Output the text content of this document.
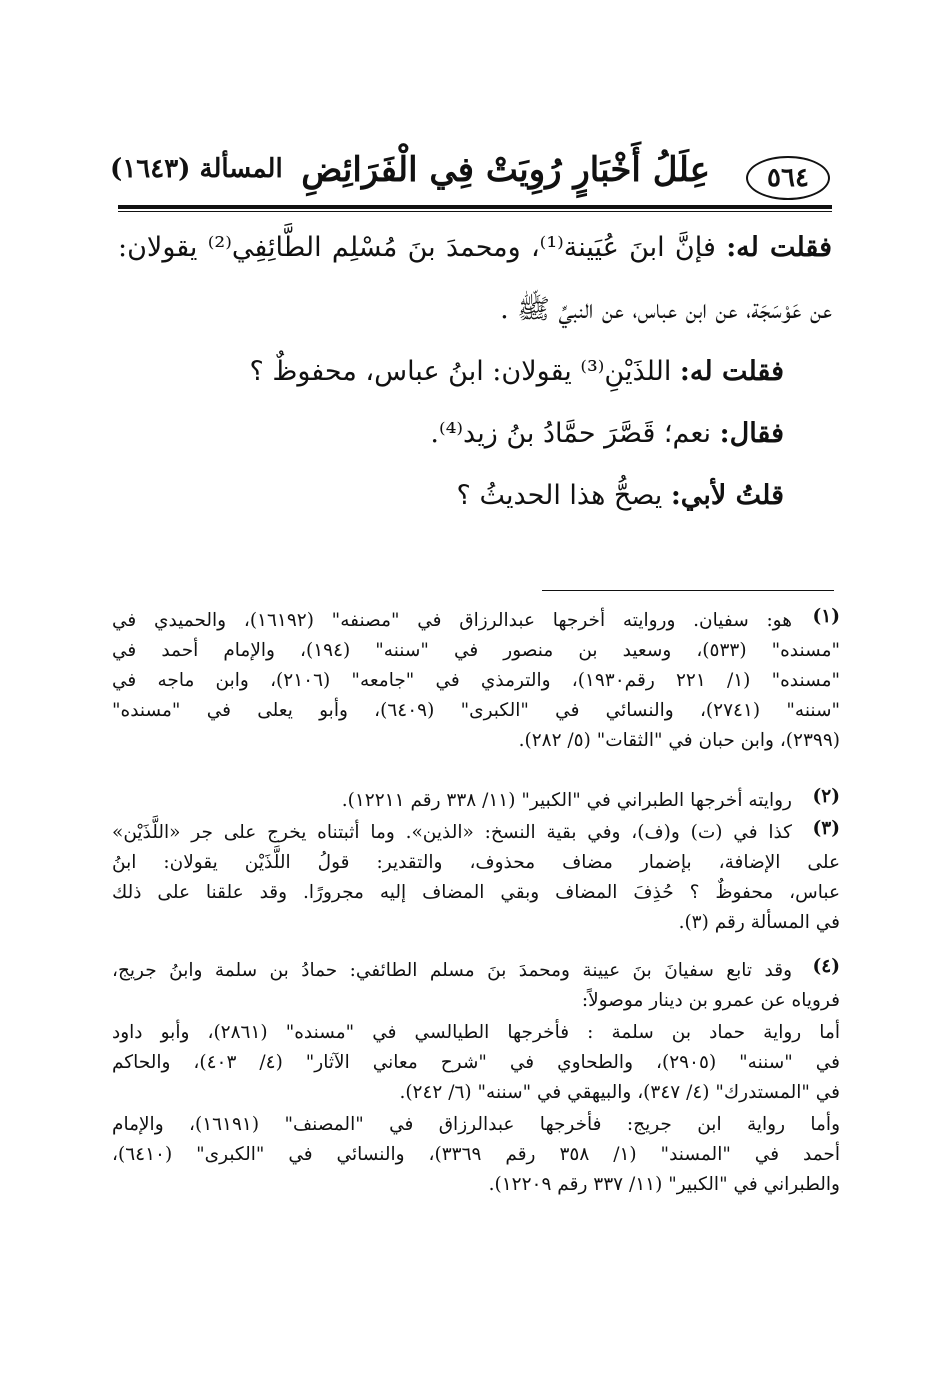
٥٦٤
عِلَلُ أَخْبَارٍ رُوِيَتْ فِي الْفَرَائِضِ
المسألة (١٦٤٣)
فقلت له: فإنَّ ابنَ عُيَينة⁽¹⁾، ومحمدَ بنَ مُسْلِم الطَّائِفِي⁽²⁾ يقولان:
عن عَوْسَجَة، عن ابن عباس، عن النبيِّ ﷺ .
فقلت له: اللذَيْنِ⁽³⁾ يقولان: ابنُ عباس، محفوظٌ ؟
فقال: نعم؛ قَصَّرَ حمَّادُ بنُ زيد⁽⁴⁾.
قلتُ لأبي: يصحُّ هذا الحديثُ ؟
(١)
هو: سفيان. وروايته أخرجها عبدالرزاق في "مصنفه" (١٦١٩٢)، والحميدي في
"مسنده" (٥٣٣)، وسعيد بن منصور في "سننه" (١٩٤)، والإمام أحمد في
"مسنده" (١/ ٢٢١ رقم١٩٣٠)، والترمذي في "جامعه" (٢١٠٦)، وابن ماجه في
"سننه" (٢٧٤١)، والنسائي في "الكبرى" (٦٤٠٩)، وأبو يعلى في "مسنده"
(٢٣٩٩)، وابن حبان في "الثقات" (٥/ ٢٨٢).
(٢)
روايته أخرجها الطبراني في "الكبير" (١١/ ٣٣٨ رقم ١٢٢١١).
(٣)
كذا في (ت) و(ف)، وفي بقية النسخ: «الذين». وما أثبتناه يخرج على جر «اللَّذَيْن»
على الإضافة، بإضمار مضاف محذوف، والتقدير: قولُ اللَّذَيْن يقولان: ابنُ
عباس، محفوظٌ ؟ حُذِفَ المضاف وبقي المضاف إليه مجرورًا. وقد علقنا على ذلك
في المسألة رقم (٣).
(٤)
وقد تابع سفيانَ بنَ عيينة ومحمدَ بنَ مسلم الطائفي: حمادُ بن سلمة وابنُ جريج،
فروياه عن عمرو بن دينار موصولاً:
أما رواية حماد بن سلمة : فأخرجها الطيالسي في "مسنده" (٢٨٦١)، وأبو داود
في "سننه" (٢٩٠٥)، والطحاوي في "شرح معاني الآثار" (٤/ ٤٠٣)، والحاكم
في "المستدرك" (٤/ ٣٤٧)، والبيهقي في "سننه" (٦/ ٢٤٢).
وأما رواية ابن جريج: فأخرجها عبدالرزاق في "المصنف" (١٦١٩١)، والإمام
أحمد في "المسند" (١/ ٣٥٨ رقم ٣٣٦٩)، والنسائي في "الكبرى" (٦٤١٠)،
والطبراني في "الكبير" (١١/ ٣٣٧ رقم ١٢٢٠٩).
